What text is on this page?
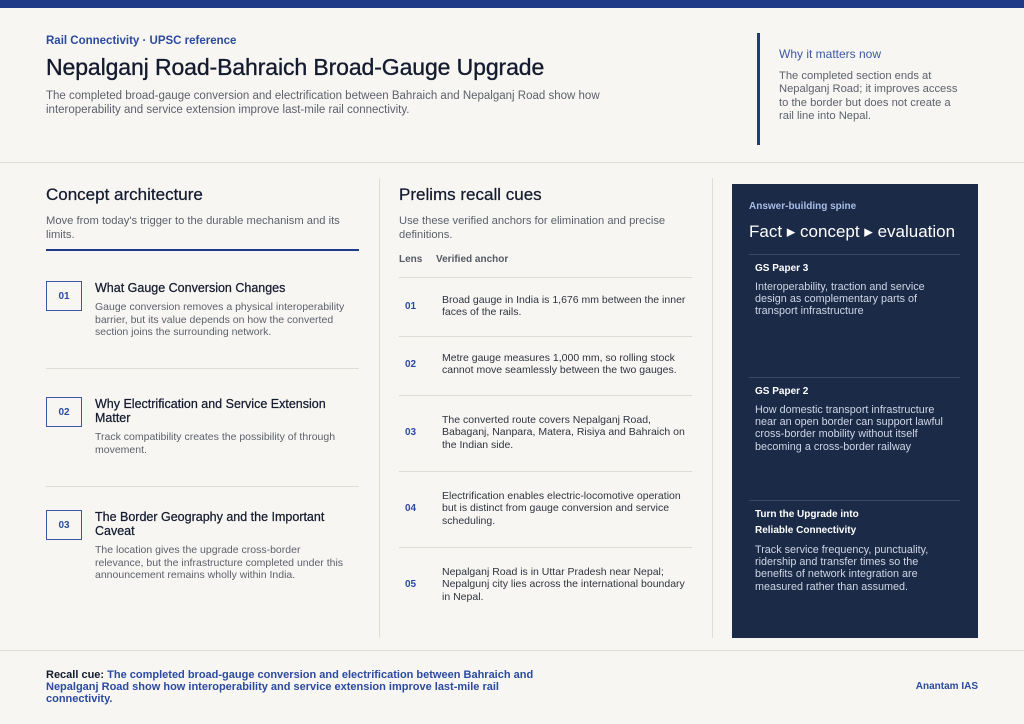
Rail Connectivity · UPSC reference
Nepalganj Road-Bahraich Broad-Gauge Upgrade

The completed broad-gauge conversion and electrification between Bahraich and Nepalganj Road show how
interoperability and service extension improve last-mile rail connectivity.

Why it matters now

The completed section ends at
Nepalganj Road; it improves access
to the border but does not create a
rail line into Nepal.

Concept architecture

Move from today's trigger to the durable mechanism and its
limits.

01
What Gauge Conversion Changes
Gauge conversion removes a physical interoperability
barrier, but its value depends on how the converted
section joins the surrounding network.
02
Why Electrification and Service Extension
Matter
Track compatibility creates the possibility of through
movement.
03
The Border Geography and the Important
Caveat
The location gives the upgrade cross-border
relevance, but the infrastructure completed under this
announcement remains wholly within India.
Prelims recall cues

Use these verified anchors for elimination and precise
definitions.

Lens Verified anchor
01
Broad gauge in India is 1,676 mm between the inner
faces of the rails.
02
Metre gauge measures 1,000 mm, so rolling stock
cannot move seamlessly between the two gauges.
03
The converted route covers Nepalganj Road,
Babaganj, Nanpara, Matera, Risiya and Bahraich on
the Indian side.
04
Electrification enables electric-locomotive operation
but is distinct from gauge conversion and service
scheduling.
05
Nepalganj Road is in Uttar Pradesh near Nepal;
Nepalgunj city lies across the international boundary
in Nepal.
Answer-building spine
Fact ▸ concept ▸ evaluation
GS Paper 3
Interoperability, traction and service
design as complementary parts of
transport infrastructure
GS Paper 2
How domestic transport infrastructure
near an open border can support lawful
cross-border mobility without itself
becoming a cross-border railway
Turn the Upgrade into
Reliable Connectivity
Track service frequency, punctuality,
ridership and transfer times so the
benefits of network integration are
measured rather than assumed.
Recall cue: The completed broad-gauge conversion and electrification between Bahraich and
Nepalganj Road show how interoperability and service extension improve last-mile rail
connectivity.
Anantam IAS
